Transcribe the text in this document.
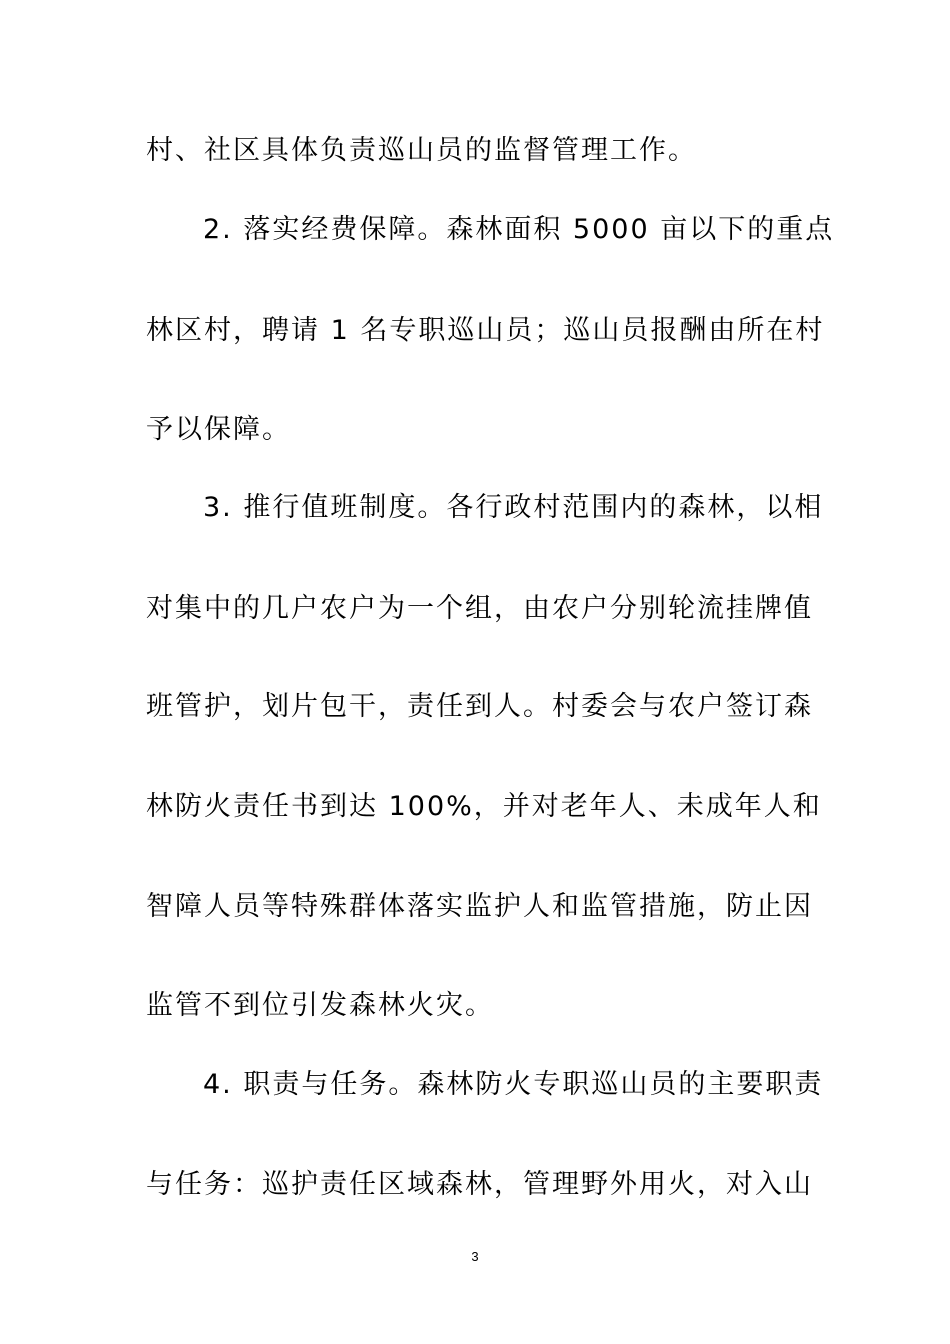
村、社区具体负责巡山员的监督管理工作。
2. 落实经费保障。森林面积 5000 亩以下的重点
林区村，聘请 1 名专职巡山员；巡山员报酬由所在村
予以保障。
3. 推行值班制度。各行政村范围内的森林，以相
对集中的几户农户为一个组，由农户分别轮流挂牌值
班管护，划片包干，责任到人。村委会与农户签订森
林防火责任书到达 100%，并对老年人、未成年人和
智障人员等特殊群体落实监护人和监管措施，防止因
监管不到位引发森林火灾。
4. 职责与任务。森林防火专职巡山员的主要职责
与任务：巡护责任区域森林，管理野外用火，对入山
3
